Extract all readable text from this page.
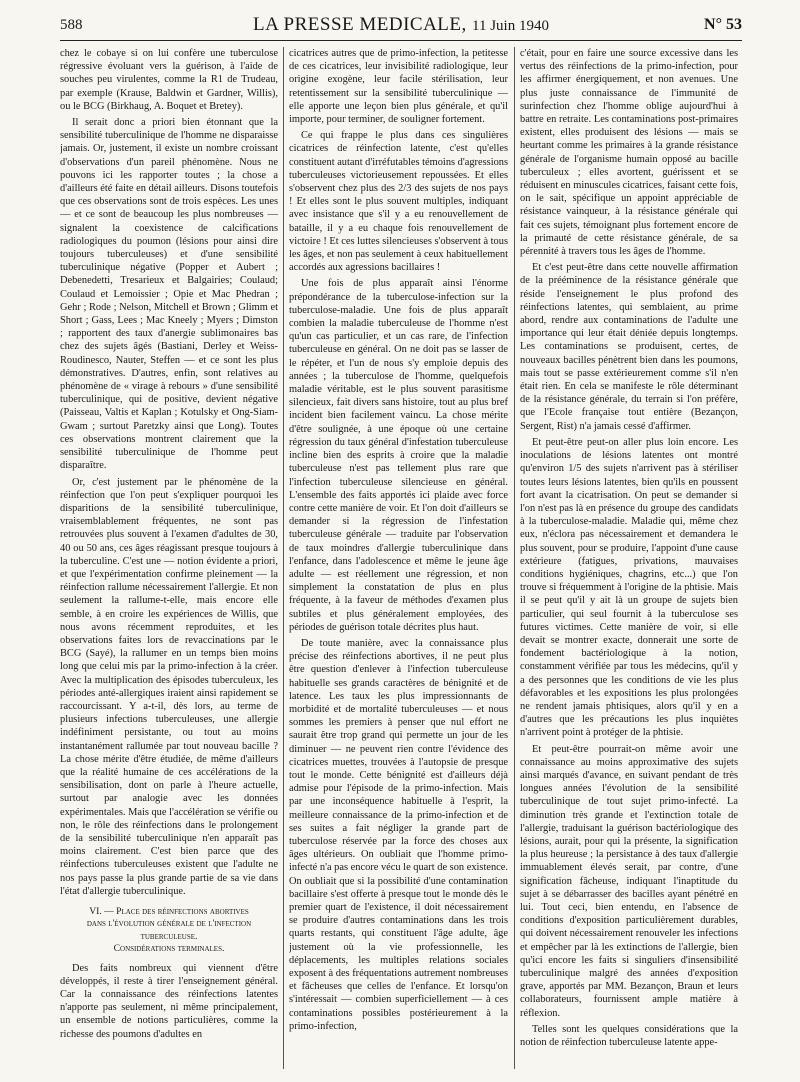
588	LA PRESSE MEDICALE, 11 Juin 1940	N° 53

chez le cobaye si on lui confère une tuberculose régressive évoluant vers la guérison, à l'aide de souches peu virulentes, comme la R1 de Trudeau, par exemple (Krause, Baldwin et Gardner, Willis), ou le BCG (Birkhaug, A. Boquet et Bretey).

Il serait donc a priori bien étonnant que la sensibilité tuberculinique de l'homme ne disparaisse jamais. Or, justement, il existe un nombre croissant d'observations d'un pareil phénomène. Nous ne pouvons ici les rapporter toutes ; la chose a d'ailleurs été faite en détail ailleurs. Disons toutefois que ces observations sont de trois espèces. Les unes — et ce sont de beaucoup les plus nombreuses — signalent la coexistence de calcifications radiologiques du poumon (lésions pour ainsi dire toujours tuberculeuses) et d'une sensibilité tuberculinique négative (Popper et Aubert ; Debenedetti, Tresarieux et Balgairies; Coulaud; Coulaud et Lemoissier ; Opie et Mac Phedran ; Gehr ; Rode ; Nelson, Mitchell et Brown ; Glimm et Short ; Gass, Lees ; Mac Kneely ; Myers ; Dimston ; rapportent des taux d'anergie sublimonaires bas chez des sujets âgés (Bastiani, Derley et Weiss-Roudinesco, Nauter, Steffen — et ce sont les plus démonstratives. D'autres, enfin, sont relatives au phénomène de « virage à rebours » d'une sensibilité tuberculinique, qui de positive, devient négative (Paisseau, Valtis et Kaplan ; Kotulsky et Ong-Siam-Gwam ; surtout Paretzky ainsi que Long). Toutes ces observations montrent clairement que la sensibilité tuberculinique de l'homme peut disparaître.

Or, c'est justement par le phénomène de la réinfection que l'on peut s'expliquer pourquoi les disparitions de la sensibilité tuberculinique, vraisemblablement fréquentes, ne sont pas retrouvées plus souvent à l'examen d'adultes de 30, 40 ou 50 ans, ces âges réagissant presque toujours à la tuberculine. C'est une — notion évidente a priori, et que l'expérimentation confirme pleinement — la réinfection rallume nécessairement l'allergie. Et non seulement la rallume-t-elle, mais encore elle semble, à en croire les expériences de Willis, que nous avons récemment reproduites, et les observations faites lors de revaccinations par le BCG (Sayé), la rallumer en un temps bien moins long que celui mis par la primo-infection à la créer. Avec la multiplication des épisodes tuberculeux, les périodes anté-allergiques iraient ainsi rapidement se raccourcissant. Y a-t-il, dès lors, au terme de plusieurs infections tuberculeuses, une allergie indéfiniment persistante, ou tout au moins instantanément rallumée par tout nouveau bacille ? La chose mérite d'être étudiée, de même d'ailleurs que la réalité humaine de ces accélérations de la sensibilisation, dont on parle à l'heure actuelle, surtout par analogie avec les données expérimentales. Mais que l'accélération se vérifie ou non, le rôle des réinfections dans le prolongement de la sensibilité tuberculinique n'en apparaît pas moins clairement. C'est bien parce que des réinfections tuberculeuses existent que l'adulte ne nos pays passe la plus grande partie de sa vie dans l'état d'allergie tuberculinique.

VI. — Place des réinfections abortives
dans l'évolution générale de l'infection
tuberculeuse.
Considérations terminales.

Des faits nombreux qui viennent d'être développés, il reste à tirer l'enseignement général. Car la connaissance des réinfections latentes n'apporte pas seulement, ni même principalement, un ensemble de notions particulières, comme la richesse des poumons d'adultes en

cicatrices autres que de primo-infection, la petitesse de ces cicatrices, leur invisibilité radiologique, leur origine exogène, leur facile stérilisation, leur retentissement sur la sensibilité tuberculinique — elle apporte une leçon bien plus générale, et qu'il importe, pour terminer, de souligner fortement.

Ce qui frappe le plus dans ces singulières cicatrices de réinfection latente, c'est qu'elles constituent autant d'irréfutables témoins d'agressions tuberculeuses victorieusement repoussées. Et elles s'observent chez plus des 2/3 des sujets de nos pays ! Et elles sont le plus souvent multiples, indiquant avec insistance que s'il y a eu renouvellement de bataille, il y a eu chaque fois renouvellement de victoire ! Et ces luttes silencieuses s'observent à tous les âges, et non pas seulement à ceux habituellement accordés aux agressions bacillaires !

Une fois de plus apparaît ainsi l'énorme prépondérance de la tuberculose-infection sur la tuberculose-maladie. Une fois de plus apparaît combien la maladie tuberculeuse de l'homme n'est qu'un cas particulier, et un cas rare, de l'infection tuberculeuse en général. On ne doit pas se lasser de le répéter, et l'un de nous s'y emploie depuis des années ; la tuberculose de l'homme, quelquefois maladie véritable, est le plus souvent parasitisme silencieux, fait divers sans histoire, tout au plus bref incident bien facilement vaincu. La chose mérite d'être soulignée, à une époque où une certaine régression du taux général d'infestation tuberculeuse incline bien des esprits à croire que la maladie tuberculeuse n'est pas tellement plus rare que l'infection tuberculeuse silencieuse en général. L'ensemble des faits apportés ici plaide avec force contre cette manière de voir. Et l'on doit d'ailleurs se demander si la régression de l'infestation tuberculeuse générale — traduite par l'observation de taux moindres d'allergie tuberculinique dans l'enfance, dans l'adolescence et même le jeune âge adulte — est réellement une régression, et non simplement la constatation de plus en plus fréquente, à la faveur de méthodes d'examen plus subtiles et plus généralement employées, des périodes de guérison totale décrites plus haut.

De toute manière, avec la connaissance plus précise des réinfections abortives, il ne peut plus être question d'enlever à l'infection tuberculeuse habituelle ses grands caractères de bénignité et de latence. Les taux les plus impressionnants de morbidité et de mortalité tuberculeuses — et nous sommes les premiers à penser que nul effort ne saurait être trop grand qui permette un jour de les diminuer — ne peuvent rien contre l'évidence des cicatrices muettes, trouvées à l'autopsie de presque tout le monde. Cette bénignité est d'ailleurs déjà admise pour l'épisode de la primo-infection. Mais par une inconséquence habituelle à l'esprit, la meilleure connaissance de la primo-infection et de ses suites a fait négliger la grande part de tuberculose réservée par la force des choses aux âges ultérieurs. On oubliait que l'homme primo-infecté n'a pas encore vécu le quart de son existence. On oubliait que si la possibilité d'une contamination bacillaire s'est offerte à presque tout le monde dès le premier quart de l'existence, il doit nécessairement se produire d'autres contaminations dans les trois quarts restants, qui constituent l'âge adulte, âge justement où la vie professionnelle, les déplacements, les multiples relations sociales exposent à des fréquentations autrement nombreuses et fâcheuses que celles de l'enfance. Et lorsqu'on s'intéressait — combien superficiellement — à ces contaminations possibles postérieurement à la primo-infection,

c'était, pour en faire une source excessive dans les vertus des réinfections de la primo-infection, pour les affirmer énergiquement, et non avenues. Une plus juste connaissance de l'immunité de surinfection chez l'homme oblige aujourd'hui à battre en retraite. Les contaminations post-primaires existent, elles produisent des lésions — mais se heurtant comme les primaires à la grande résistance générale de l'organisme humain opposé au bacille tuberculeux ; elles avortent, guérissent et se réduisent en minuscules cicatrices, faisant cette fois, on le sait, spécifique un appoint appréciable de résistance vainqueur, à la résistance générale qui fait ces sujets, témoignant plus fortement encore de la primauté de cette résistance générale, de sa pérennité à travers tous les âges de l'homme.

Et c'est peut-être dans cette nouvelle affirmation de la prééminence de la résistance générale que réside l'enseignement le plus profond des réinfections latentes, qui semblaient, au prime abord, rendre aux contaminations de l'adulte une importance qui leur était déniée depuis longtemps. Les contaminations se produisent, certes, de nouveaux bacilles pénètrent bien dans les poumons, mais tout se passe extérieurement comme s'il n'en était rien. En cela se manifeste le rôle déterminant de la résistance générale, du terrain si l'on préfère, que l'Ecole française tout entière (Bezançon, Sergent, Rist) n'a jamais cessé d'affirmer.

Et peut-être peut-on aller plus loin encore. Les inoculations de lésions latentes ont montré qu'environ 1/5 des sujets n'arrivent pas à stériliser toutes leurs lésions latentes, bien qu'ils en poussent fort avant la cicatrisation. On peut se demander si l'on n'est pas là en présence du groupe des candidats à la tuberculose-maladie. Maladie qui, même chez eux, n'éclora pas nécessairement et demandera le plus souvent, pour se produire, l'appoint d'une cause extérieure (fatigues, privations, mauvaises conditions hygiéniques, chagrins, etc...) que l'on trouve si fréquemment à l'origine de la phtisie. Mais il se peut qu'il y ait là un groupe de sujets bien particulier, qui seul fournit à la tuberculose ses futures victimes. Cette manière de voir, si elle devait se montrer exacte, donnerait une sorte de fondement bactériologique à la notion, constamment vérifiée par tous les médecins, qu'il y a des personnes que les conditions de vie les plus défavorables et les expositions les plus prolongées ne rendent jamais phtisiques, alors qu'il y en a d'autres que les précautions les plus inquiètes n'arrivent point à protéger de la phtisie.

Et peut-être pourrait-on même avoir une connaissance au moins approximative des sujets ainsi marqués d'avance, en suivant pendant de très longues années l'évolution de la sensibilité tuberculinique de tout sujet primo-infecté. La diminution très grande et l'extinction totale de l'allergie, traduisant la guérison bactériologique des lésions, aurait, pour qui la présente, la signification la plus heureuse ; la persistance à des taux d'allergie immuablement élevés serait, par contre, d'une signification fâcheuse, indiquant l'inaptitude du sujet à se débarrasser des bacilles ayant pénétré en lui. Tout ceci, bien entendu, en l'absence de conditions d'exposition particulièrement durables, qui doivent nécessairement renouveler les infections et empêcher par là les extinctions de l'allergie, bien qu'ici encore les faits si singuliers d'insensibilité tuberculinique malgré des années d'exposition grave, apportés par MM. Bezançon, Braun et leurs collaborateurs, fournissent ample matière à réflexion.

Telles sont les quelques considérations que la notion de réinfection tuberculeuse latente appe-
